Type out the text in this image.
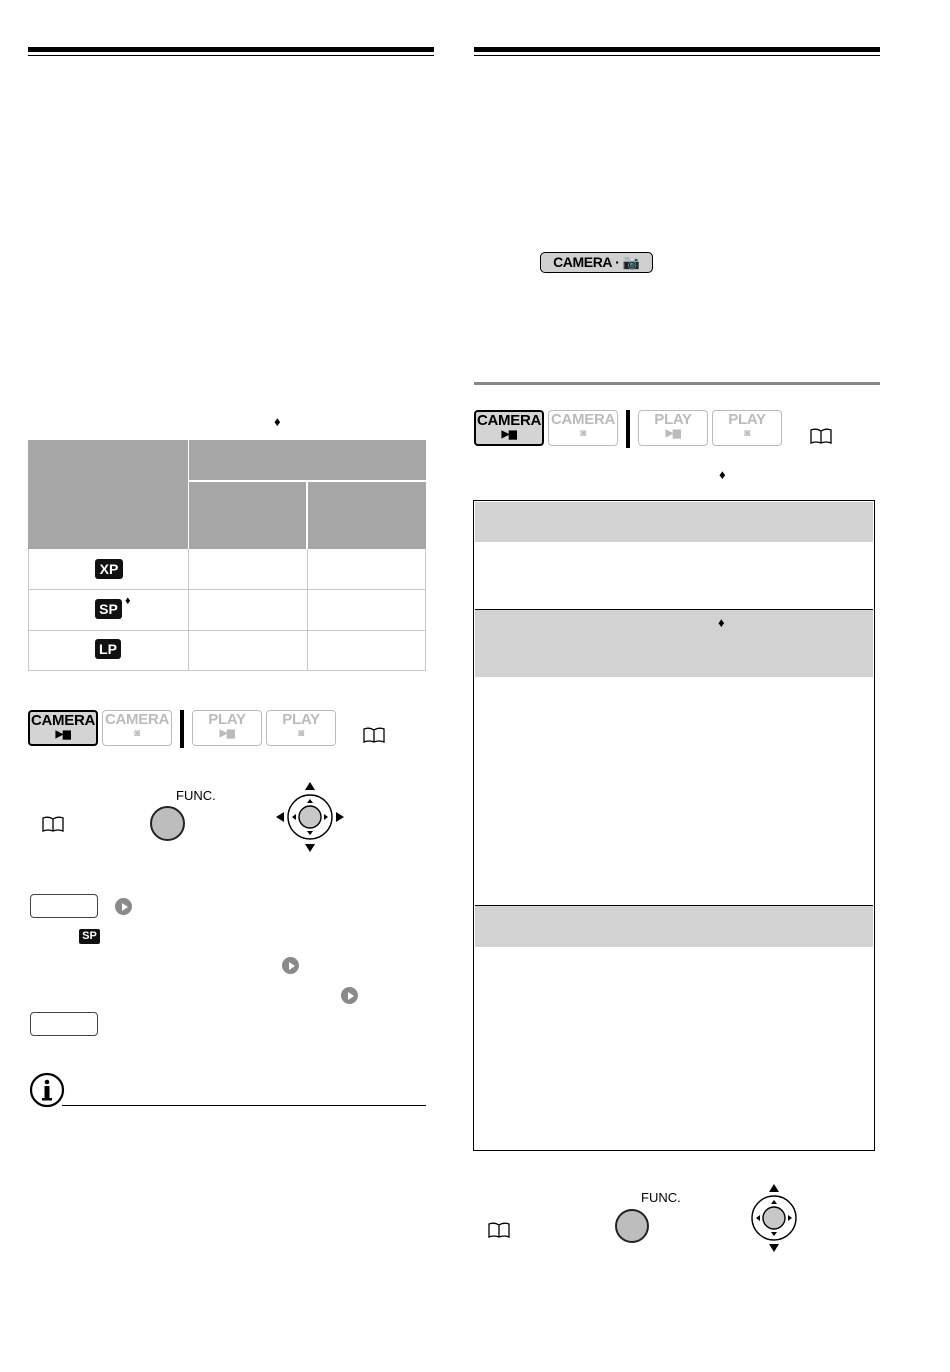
♦
XP
SP ♦
LP
CAMERA
▶▆
CAMERA
◙
PLAY
▶▆
PLAY
◙
FUNC.
SP
CAMERA · 📷
CAMERA
▶▆
CAMERA
◙
PLAY
▶▆
PLAY
◙
♦
♦
FUNC.
